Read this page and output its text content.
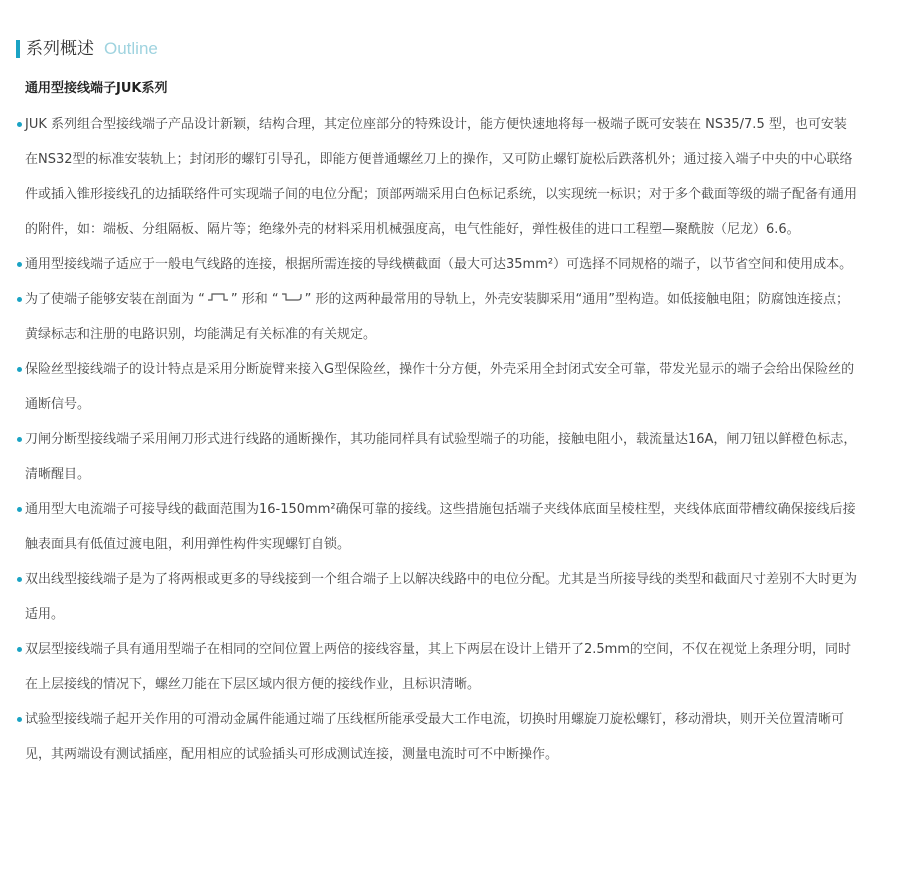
系列概述 Outline
通用型接线端子JUK系列
JUK 系列组合型接线端子产品设计新颖，结构合理，其定位座部分的特殊设计，能方便快速地将每一极端子既可安装在 NS35/7.5 型，也可安装在NS32型的标准安装轨上；封闭形的螺钉引导孔，即能方便普通螺丝刀上的操作，又可防止螺钉旋松后跌落机外；通过接入端子中央的中心联络件或插入锥形接线孔的边插联络件可实现端子间的电位分配；顶部两端采用白色标记系统，以实现统一标识；对于多个截面等级的端子配备有通用的附件，如：端板、分组隔板、隔片等；绝缘外壳的材料采用机械强度高，电气性能好，弹性极佳的进口工程塑—聚酰胺（尼龙）6.6。
通用型接线端子适应于一般电气线路的连接，根据所需连接的导线横截面（最大可达35mm²）可选择不同规格的端子，以节省空间和使用成本。
为了使端子能够安装在剖面为 “ ” 形和 “ ” 形的这两种最常用的导轨上，外壳安装脚采用“通用”型构造。如低接触电阻；防腐蚀连接点；黄绿标志和注册的电路识别，均能满足有关标准的有关规定。
保险丝型接线端子的设计特点是采用分断旋臂来接入G型保险丝，操作十分方便，外壳采用全封闭式安全可靠，带发光显示的端子会给出保险丝的通断信号。
刀闸分断型接线端子采用闸刀形式进行线路的通断操作，其功能同样具有试验型端子的功能，接触电阻小，载流量达16A，闸刀钮以鲜橙色标志，清晰醒目。
通用型大电流端子可接导线的截面范围为16-150mm²确保可靠的接线。这些措施包括端子夹线体底面呈棱柱型，夹线体底面带槽纹确保接线后接触表面具有低值过渡电阻，利用弹性构件实现螺钉自锁。
双出线型接线端子是为了将两根或更多的导线接到一个组合端子上以解决线路中的电位分配。尤其是当所接导线的类型和截面尺寸差别不大时更为适用。
双层型接线端子具有通用型端子在相同的空间位置上两倍的接线容量，其上下两层在设计上错开了2.5mm的空间，不仅在视觉上条理分明，同时在上层接线的情况下，螺丝刀能在下层区域内很方便的接线作业，且标识清晰。
试验型接线端子起开关作用的可滑动金属件能通过端了压线框所能承受最大工作电流，切换时用螺旋刀旋松螺钉，移动滑块，则开关位置清晰可见，其两端设有测试插座，配用相应的试验插头可形成测试连接，测量电流时可不中断操作。
